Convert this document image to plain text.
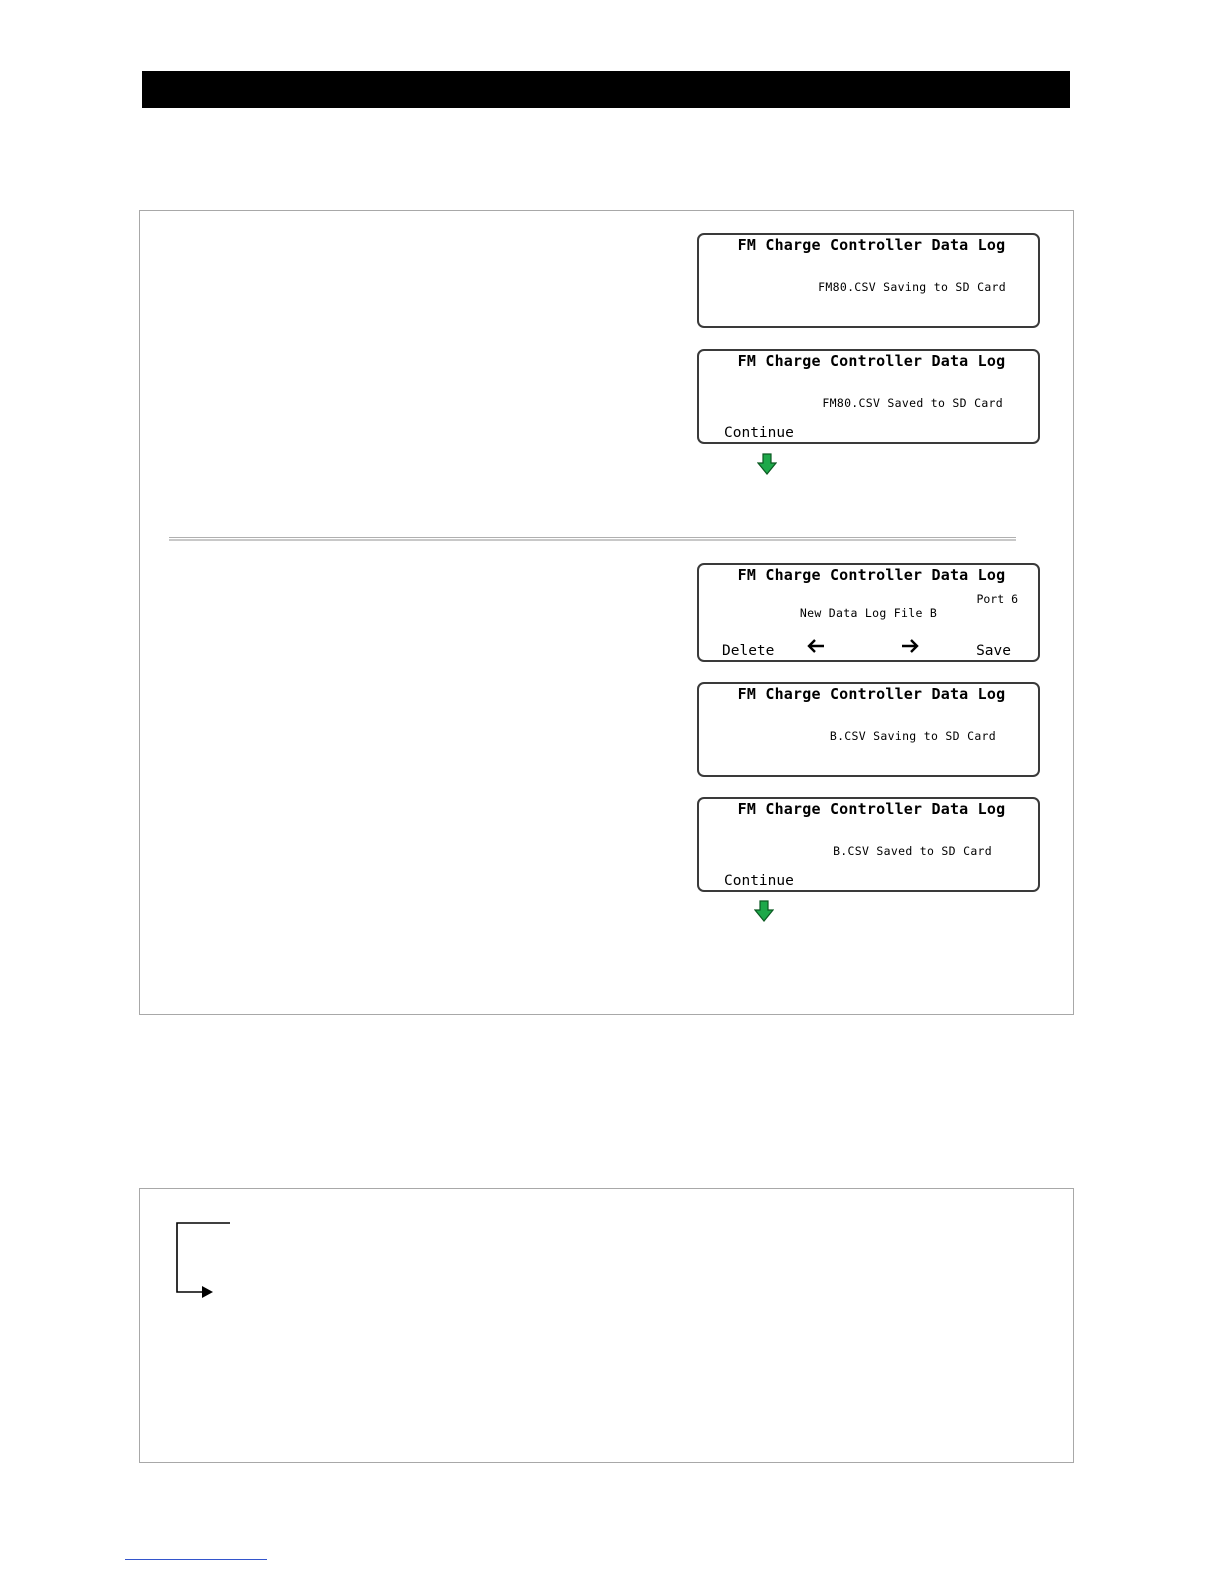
FM Charge Controller Data Log
FM80.CSV Saving to SD Card
FM Charge Controller Data Log
FM80.CSV Saved to SD Card
Continue
FM Charge Controller Data Log
Port 6
New Data Log File B
Delete	Save
FM Charge Controller Data Log
B.CSV Saving to SD Card
FM Charge Controller Data Log
B.CSV Saved to SD Card
Continue
